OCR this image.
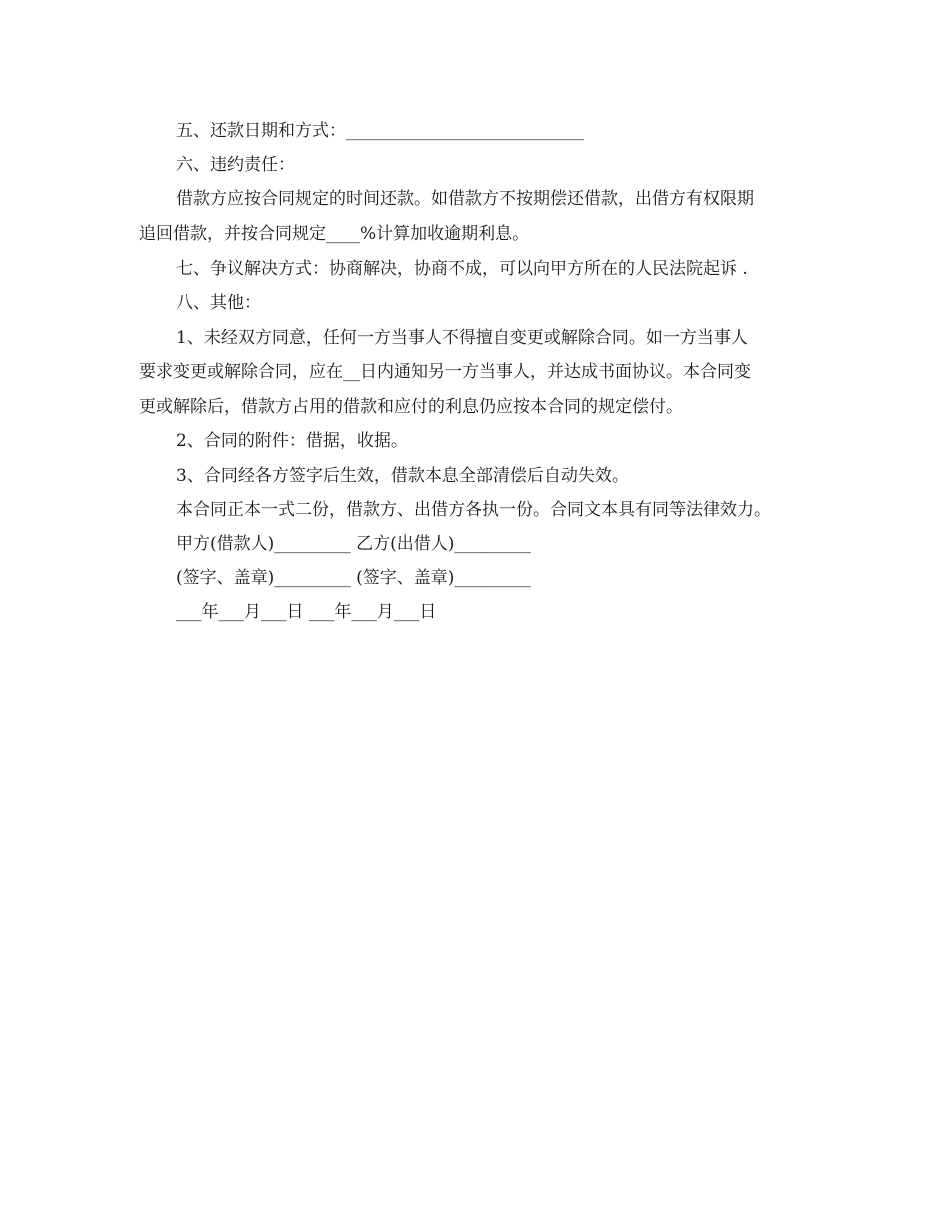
五、还款日期和方式：____________________________
六、违约责任：
借款方应按合同规定的时间还款。如借款方不按期偿还借款，出借方有权限期
追回借款，并按合同规定____%计算加收逾期利息。
七、争议解决方式：协商解决，协商不成，可以向甲方所在的人民法院起诉 .
八、其他：
1、未经双方同意，任何一方当事人不得擅自变更或解除合同。如一方当事人
要求变更或解除合同，应在__日内通知另一方当事人，并达成书面协议。本合同变
更或解除后，借款方占用的借款和应付的利息仍应按本合同的规定偿付。
2、合同的附件：借据，收据。
3、合同经各方签字后生效，借款本息全部清偿后自动失效。
本合同正本一式二份，借款方、出借方各执一份。合同文本具有同等法律效力。
甲方(借款人)_________ 乙方(出借人)_________
(签字、盖章)_________ (签字、盖章)_________
___年___月___日 ___年___月___日
